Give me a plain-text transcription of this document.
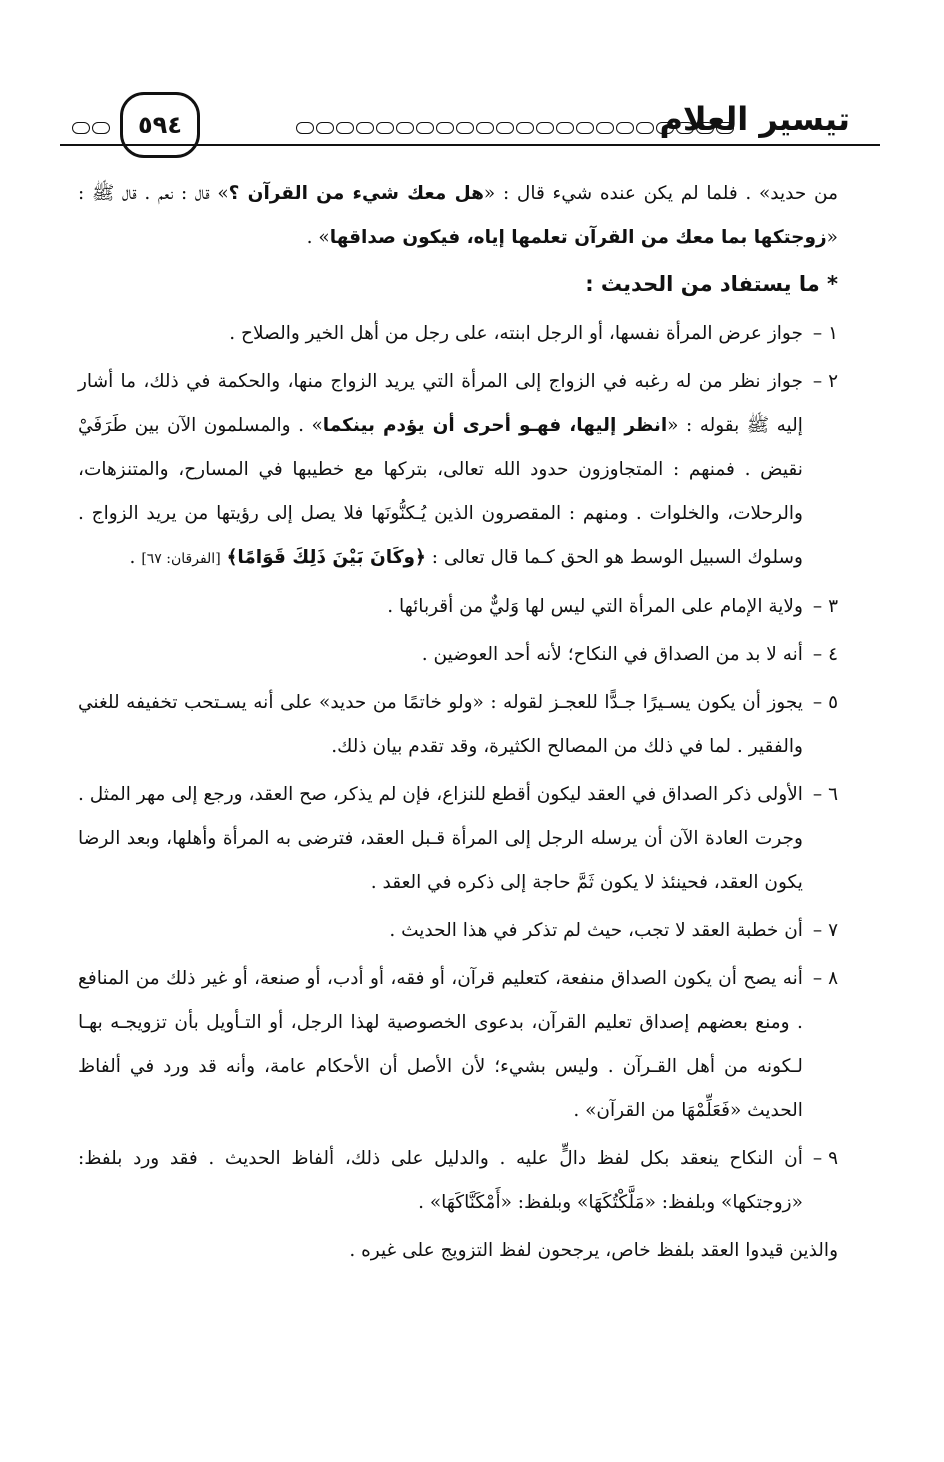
٥٩٤	تيسير العلام

من حديد» . فلما لم يكن عنده شيء قال : «هل معك شيء من القرآن ؟» قال : نعم . قال ﷺ : «زوجتكها بما معك من القرآن تعلمها إياه، فيكون صداقها» .

* ما يستفاد من الحديث :
١ –
جواز عرض المرأة نفسها، أو الرجل ابنته، على رجل من أهل الخير والصلاح .
٢ –
جواز نظر من له رغبه في الزواج إلى المرأة التي يريد الزواج منها، والحكمة في ذلك، ما أشار إليه ﷺ بقوله : «انظر إليها، فهـو أحرى أن يؤدم بينكما» . والمسلمون الآن بين طَرَفَيْ نقيض . فمنهم : المتجاوزون حدود الله تعالى، بتركها مع خطيبها في المسارح، والمتنزهات، والرحلات، والخلوات . ومنهم : المقصرون الذين يُـكنُّونَها فلا يصل إلى رؤيتها من يريد الزواج . وسلوك السبيل الوسط هو الحق كـما قال تعالى : ﴿وكَانَ بَيْنَ ذَلِكَ قَوَامًا﴾ [الفرقان: ٦٧] .
٣ –
ولاية الإمام على المرأة التي ليس لها وَليٌّ من أقربائها .
٤ –
أنه لا بد من الصداق في النكاح؛ لأنه أحد العوضين .
٥ –
يجوز أن يكون يسـيرًا جـدًّا للعجـز لقوله : «ولو خاتمًا من حديد» على أنه يسـتحب تخفيفه للغني والفقير . لما في ذلك من المصالح الكثيرة، وقد تقدم بيان ذلك.
٦ –
الأولى ذكر الصداق في العقد ليكون أقطع للنزاع، فإن لم يذكر، صح العقد، ورجع إلى مهر المثل . وجرت العادة الآن أن يرسله الرجل إلى المرأة قـبل العقد، فترضى به المرأة وأهلها، وبعد الرضا يكون العقد، فحينئذ لا يكون ثَمَّ حاجة إلى ذكره في العقد .
٧ –
أن خطبة العقد لا تجب، حيث لم تذكر في هذا الحديث .
٨ –
أنه يصح أن يكون الصداق منفعة، كتعليم قرآن، أو فقه، أو أدب، أو صنعة، أو غير ذلك من المنافع . ومنع بعضهم إصداق تعليم القرآن، بدعوى الخصوصية لهذا الرجل، أو التـأويل بأن تزويجـه بهـا لـكونه من أهل القـرآن . وليس بشيء؛ لأن الأصل أن الأحكام عامة، وأنه قد ورد في ألفاظ الحديث «فَعَلِّمْهَا من القرآن» .
٩ –
أن النكاح ينعقد بكل لفظ دالٍّ عليه . والدليل على ذلك، ألفاظ الحديث . فقد ورد بلفظ: «زوجتكها» وبلفظ: «مَلَّكْتُكَهَا» وبلفظ: «أَمْكَنَّاكَهَا» .

والذين قيدوا العقد بلفظ خاص، يرجحون لفظ التزويج على غيره .
